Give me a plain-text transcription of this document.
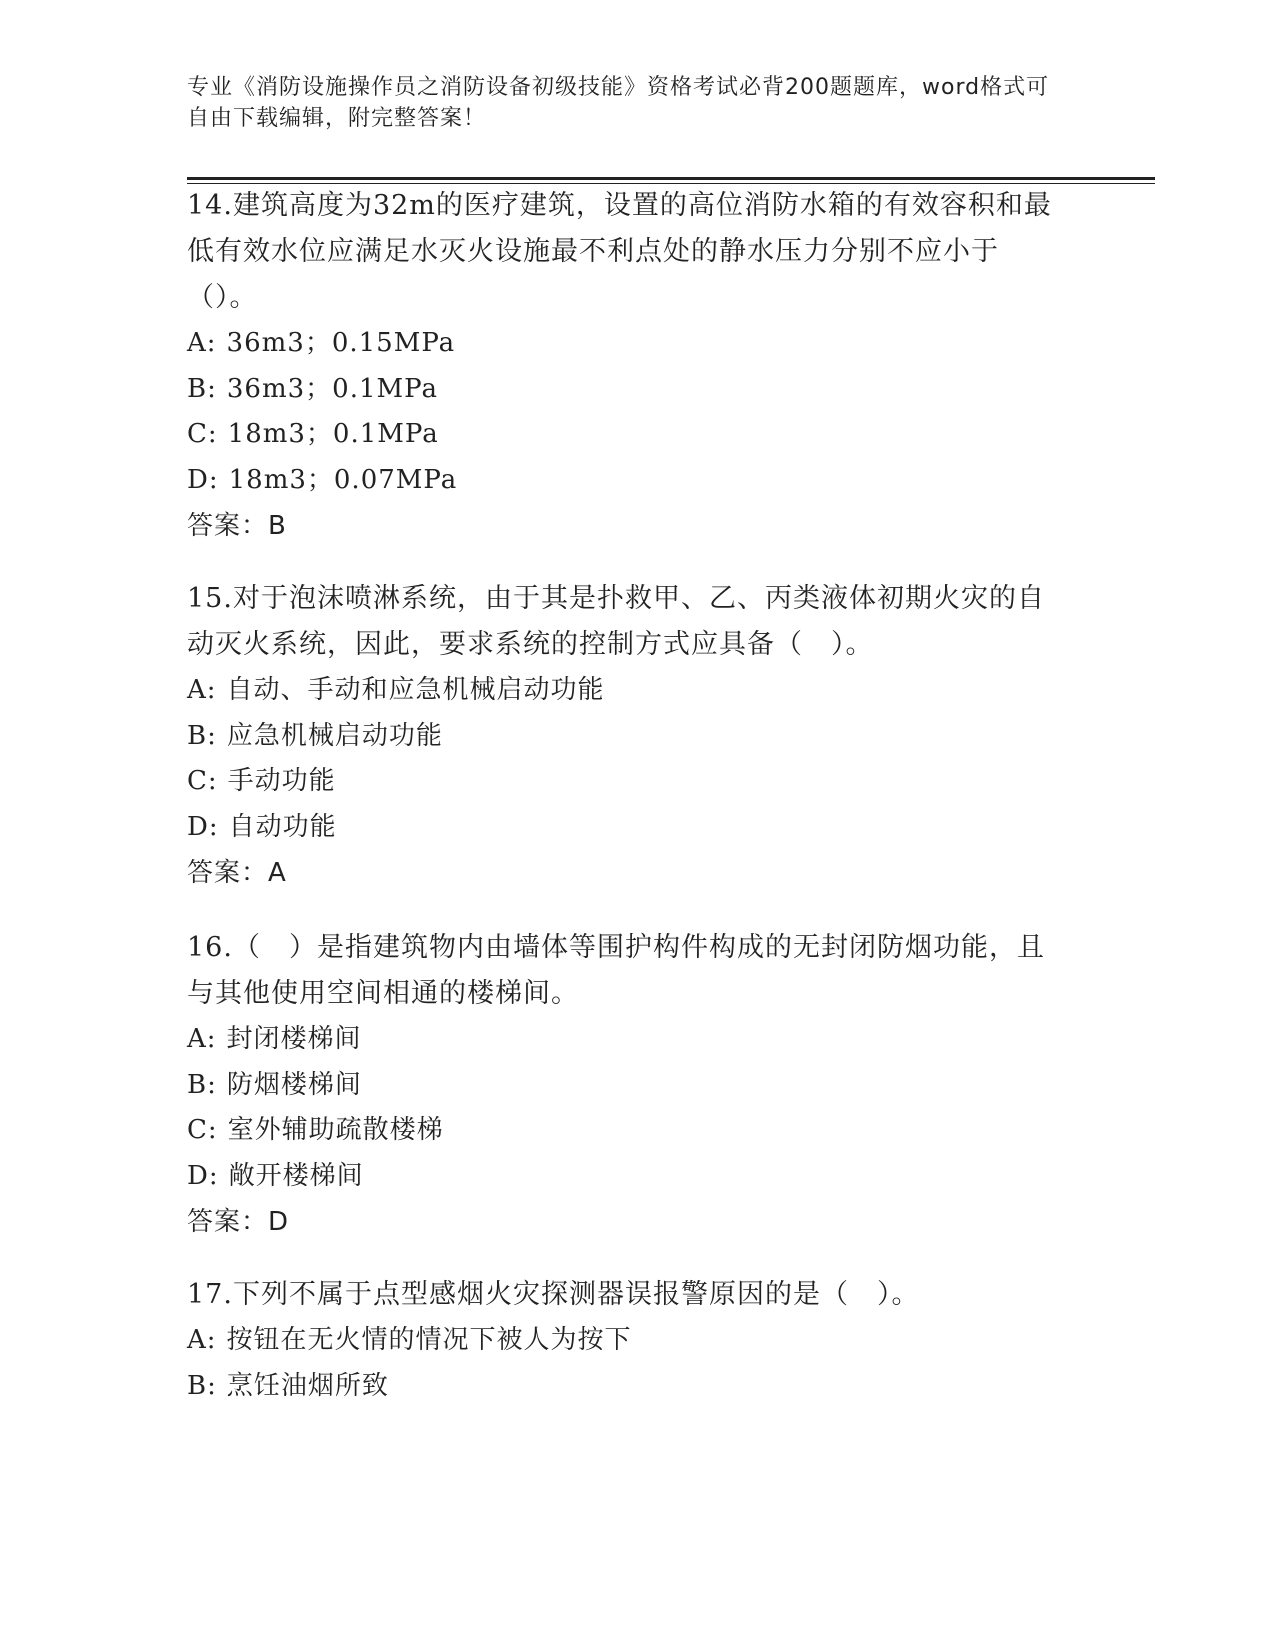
专业《消防设施操作员之消防设备初级技能》资格考试必背200题题库，word格式可自由下载编辑，附完整答案！

14.建筑高度为32m的医疗建筑，设置的高位消防水箱的有效容积和最低有效水位应满足水灭火设施最不利点处的静水压力分别不应小于（）。

A: 36m3；0.15MPa

B: 36m3；0.1MPa

C: 18m3；0.1MPa

D: 18m3；0.07MPa

答案：B

15.对于泡沫喷淋系统，由于其是扑救甲、乙、丙类液体初期火灾的自动灭火系统，因此，要求系统的控制方式应具备（　）。

A: 自动、手动和应急机械启动功能

B: 应急机械启动功能

C: 手动功能

D: 自动功能

答案：A

16.（　）是指建筑物内由墙体等围护构件构成的无封闭防烟功能，且与其他使用空间相通的楼梯间。

A: 封闭楼梯间

B: 防烟楼梯间

C: 室外辅助疏散楼梯

D: 敞开楼梯间

答案：D

17.下列不属于点型感烟火灾探测器误报警原因的是（　）。

A: 按钮在无火情的情况下被人为按下

B: 烹饪油烟所致
